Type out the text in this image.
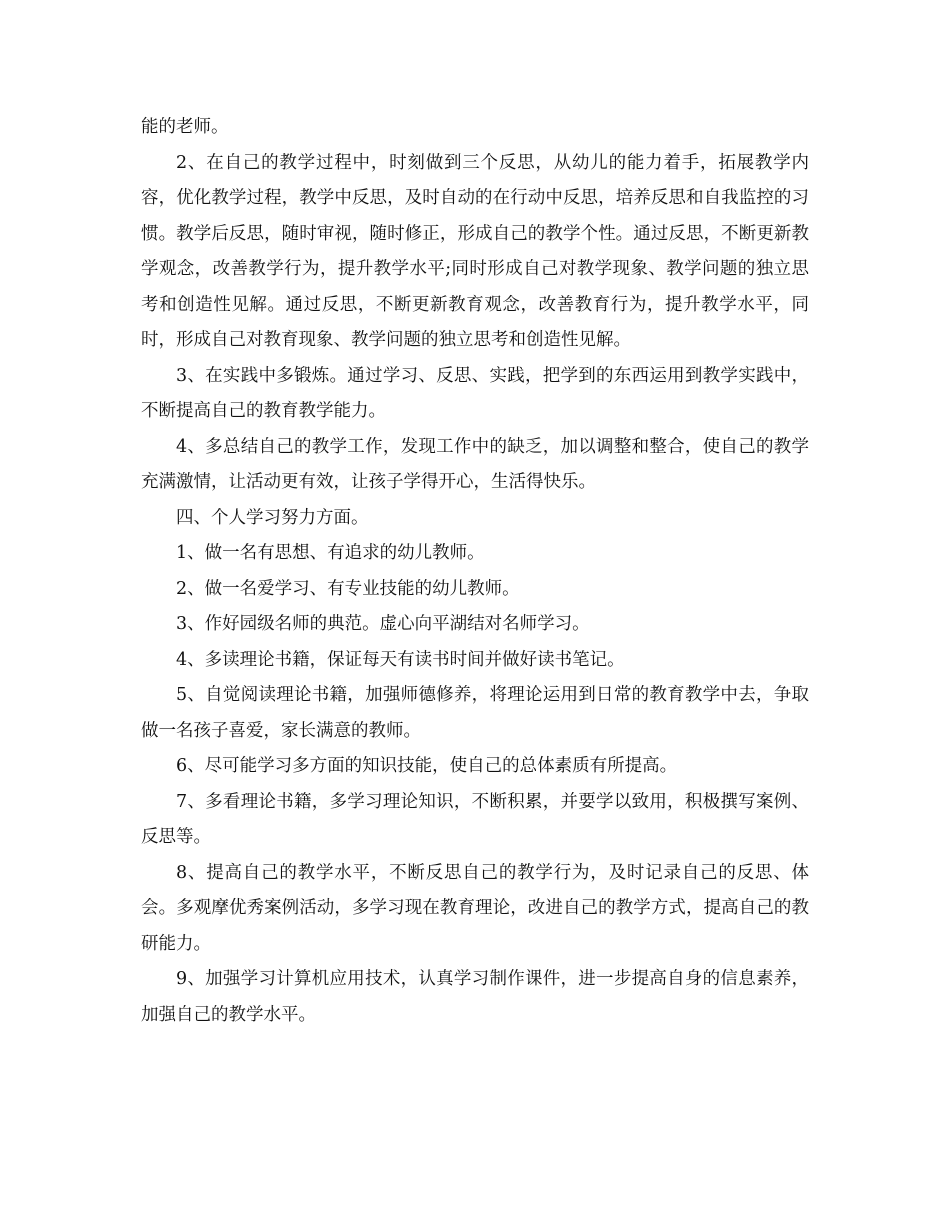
能的老师。

2、在自己的教学过程中，时刻做到三个反思，从幼儿的能力着手，拓展教学内容，优化教学过程，教学中反思，及时自动的在行动中反思，培养反思和自我监控的习惯。教学后反思，随时审视，随时修正，形成自己的教学个性。通过反思，不断更新教学观念，改善教学行为，提升教学水平;同时形成自己对教学现象、教学问题的独立思考和创造性见解。通过反思，不断更新教育观念，改善教育行为，提升教学水平，同时，形成自己对教育现象、教学问题的独立思考和创造性见解。

3、在实践中多锻炼。通过学习、反思、实践，把学到的东西运用到教学实践中，不断提高自己的教育教学能力。

4、多总结自己的教学工作，发现工作中的缺乏，加以调整和整合，使自己的教学充满激情，让活动更有效，让孩子学得开心，生活得快乐。

四、个人学习努力方面。

1、做一名有思想、有追求的幼儿教师。

2、做一名爱学习、有专业技能的幼儿教师。

3、作好园级名师的典范。虚心向平湖结对名师学习。

4、多读理论书籍，保证每天有读书时间并做好读书笔记。

5、自觉阅读理论书籍，加强师德修养，将理论运用到日常的教育教学中去，争取做一名孩子喜爱，家长满意的教师。

6、尽可能学习多方面的知识技能，使自己的总体素质有所提高。

7、多看理论书籍，多学习理论知识，不断积累，并要学以致用，积极撰写案例、反思等。

8、提高自己的教学水平，不断反思自己的教学行为，及时记录自己的反思、体会。多观摩优秀案例活动，多学习现在教育理论，改进自己的教学方式，提高自己的教研能力。

9、加强学习计算机应用技术，认真学习制作课件，进一步提高自身的信息素养，加强自己的教学水平。
